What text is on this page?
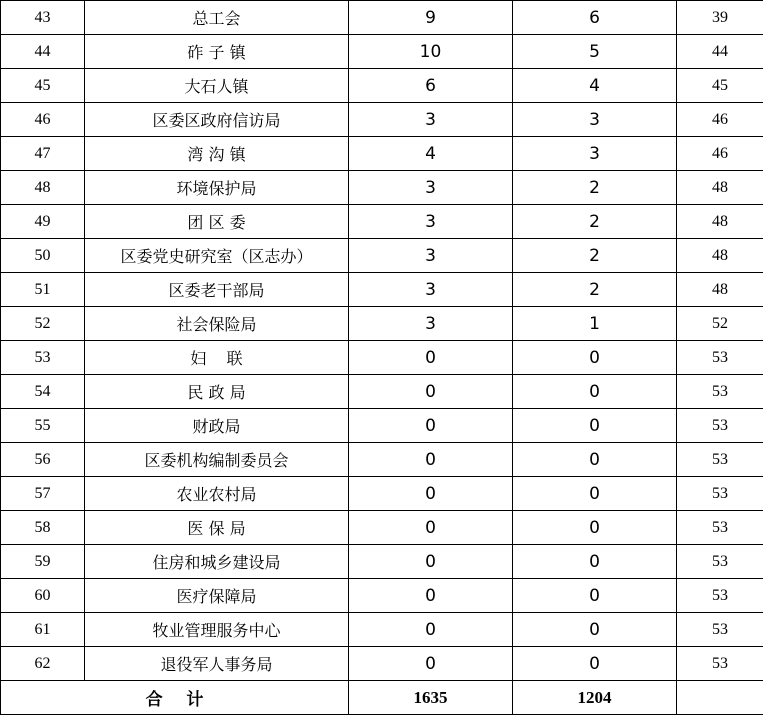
43	总工会	9	6	39
44	砟 子 镇	10	5	44
45	大石人镇	6	4	45
46	区委区政府信访局	3	3	46
47	湾 沟 镇	4	3	46
48	环境保护局	3	2	48
49	团 区 委	3	2	48
50	区委党史研究室（区志办）	3	2	48
51	区委老干部局	3	2	48
52	社会保险局	3	1	52
53	妇    联	0	0	53
54	民 政 局	0	0	53
55	财政局	0	0	53
56	区委机构编制委员会	0	0	53
57	农业农村局	0	0	53
58	医 保 局	0	0	53
59	住房和城乡建设局	0	0	53
60	医疗保障局	0	0	53
61	牧业管理服务中心	0	0	53
62	退役军人事务局	0	0	53
合    计		1635	1204	
